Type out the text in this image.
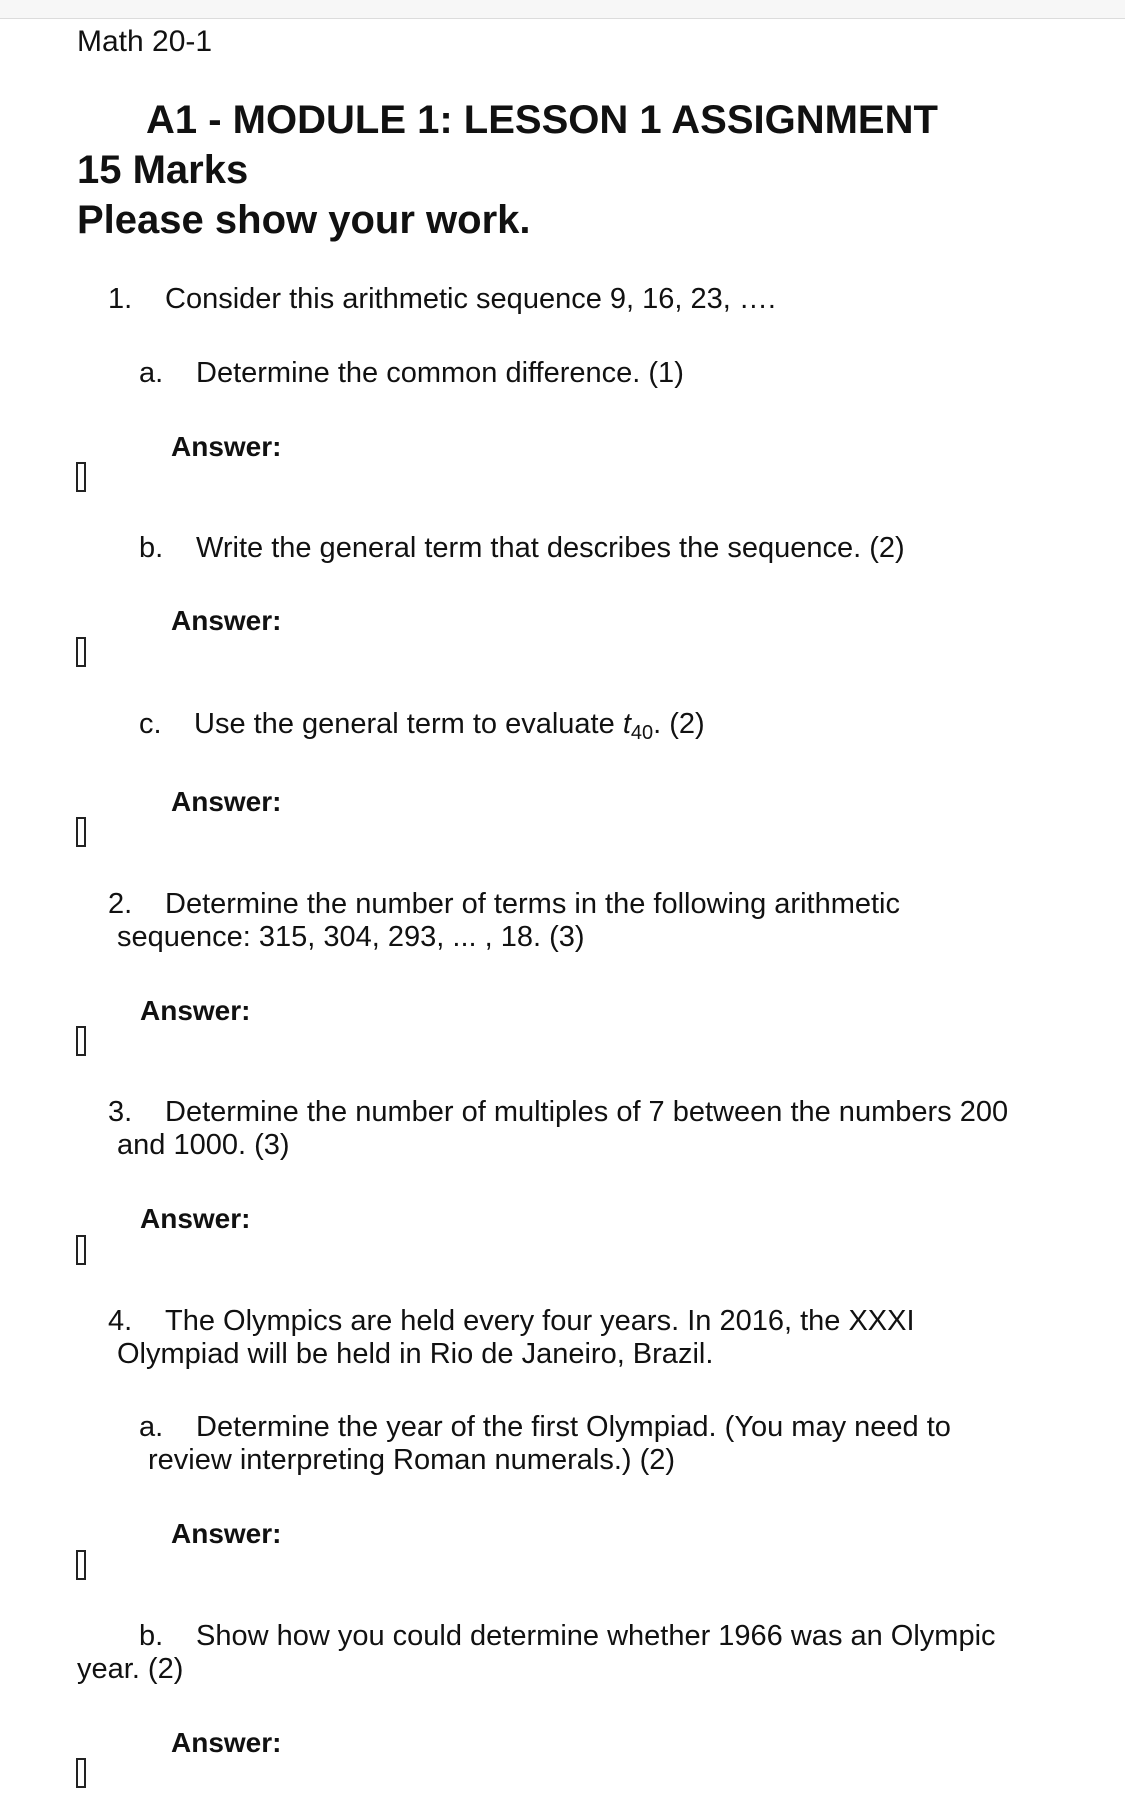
Math 20-1
A1 - MODULE 1: LESSON 1 ASSIGNMENT
15 Marks
Please show your work.
1. Consider this arithmetic sequence 9, 16, 23, ….
a. Determine the common difference. (1)
Answer:
b. Write the general term that describes the sequence. (2)
Answer:
c. Use the general term to evaluate $t_{40}$. (2)
Answer:
2. Determine the number of terms in the following arithmetic
sequence: 315, 304, 293, ... , 18. (3)
Answer:
3. Determine the number of multiples of 7 between the numbers 200
and 1000. (3)
Answer:
4. The Olympics are held every four years. In 2016, the XXXI
Olympiad will be held in Rio de Janeiro, Brazil.
a. Determine the year of the first Olympiad. (You may need to
review interpreting Roman numerals.) (2)
Answer:
b. Show how you could determine whether 1966 was an Olympic
year. (2)
Answer:
